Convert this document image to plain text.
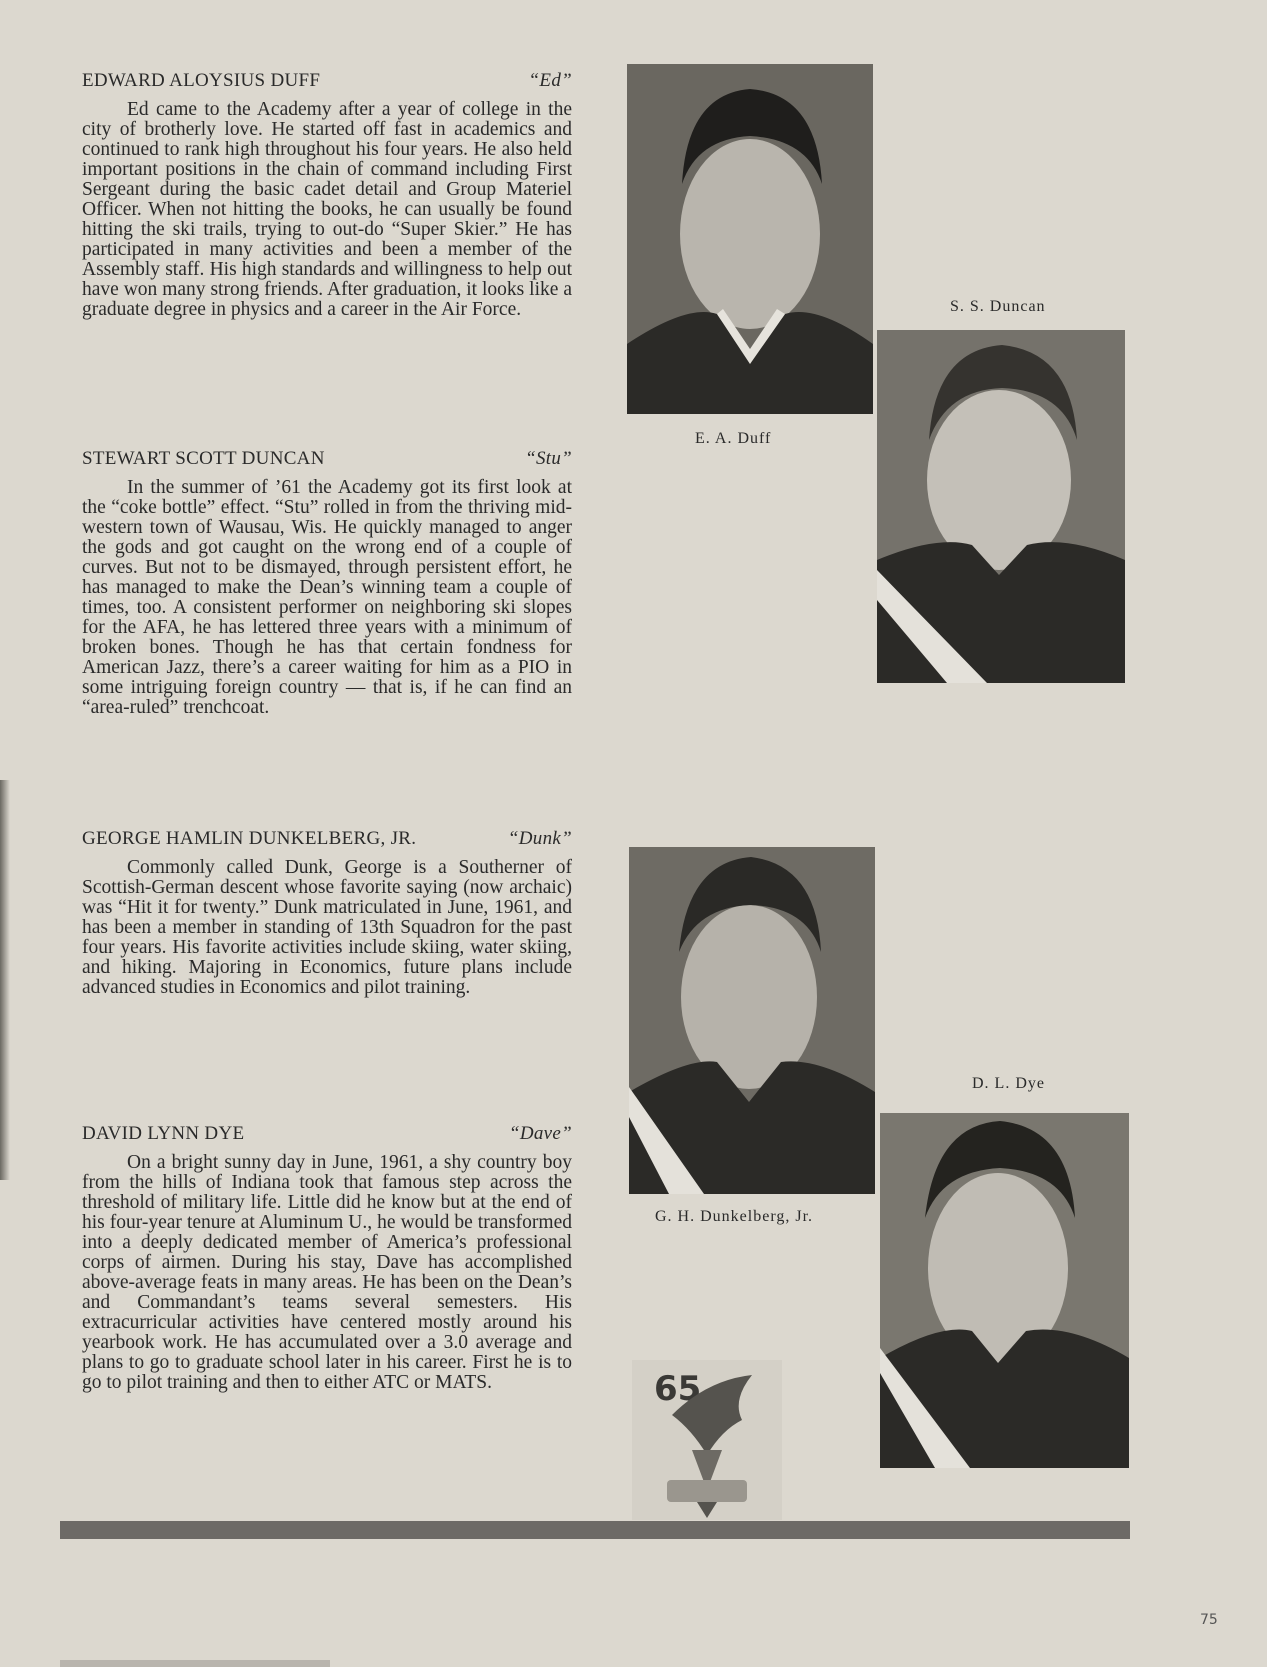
EDWARD ALOYSIUS DUFF	“Ed”

Ed came to the Academy after a year of college in the city of brotherly love. He started off fast in academics and continued to rank high throughout his four years. He also held important positions in the chain of command including First Sergeant during the basic cadet detail and Group Materiel Officer. When not hitting the books, he can usually be found hitting the ski trails, trying to out-do “Super Skier.” He has participated in many activities and been a member of the Assembly staff. His high standards and willingness to help out have won many strong friends. After graduation, it looks like a graduate degree in physics and a career in the Air Force.

STEWART SCOTT DUNCAN	“Stu”

In the summer of ’61 the Academy got its first look at the “coke bottle” effect. “Stu” rolled in from the thriving mid-western town of Wausau, Wis. He quickly managed to anger the gods and got caught on the wrong end of a couple of curves. But not to be dismayed, through persistent effort, he has managed to make the Dean’s winning team a couple of times, too. A consistent performer on neighboring ski slopes for the AFA, he has lettered three years with a minimum of broken bones. Though he has that certain fondness for American Jazz, there’s a career waiting for him as a PIO in some intriguing foreign country — that is, if he can find an “area-ruled” trenchcoat.

GEORGE HAMLIN DUNKELBERG, JR.	“Dunk”

Commonly called Dunk, George is a Southerner of Scottish-German descent whose favorite saying (now archaic) was “Hit it for twenty.” Dunk matriculated in June, 1961, and has been a member in standing of 13th Squadron for the past four years. His favorite activities include skiing, water skiing, and hiking. Majoring in Economics, future plans include advanced studies in Economics and pilot training.

DAVID LYNN DYE	“Dave”

On a bright sunny day in June, 1961, a shy country boy from the hills of Indiana took that famous step across the threshold of military life. Little did he know but at the end of his four-year tenure at Aluminum U., he would be transformed into a deeply dedicated member of America’s professional corps of airmen. During his stay, Dave has accomplished above-average feats in many areas. He has been on the Dean’s and Commandant’s teams several semesters. His extracurricular activities have centered mostly around his yearbook work. He has accumulated over a 3.0 average and plans to go to graduate school later in his career. First he is to go to pilot training and then to either ATC or MATS.

E. A. Duff
S. S. Duncan
G. H. Dunkelberg, Jr.
D. L. Dye
65
75
